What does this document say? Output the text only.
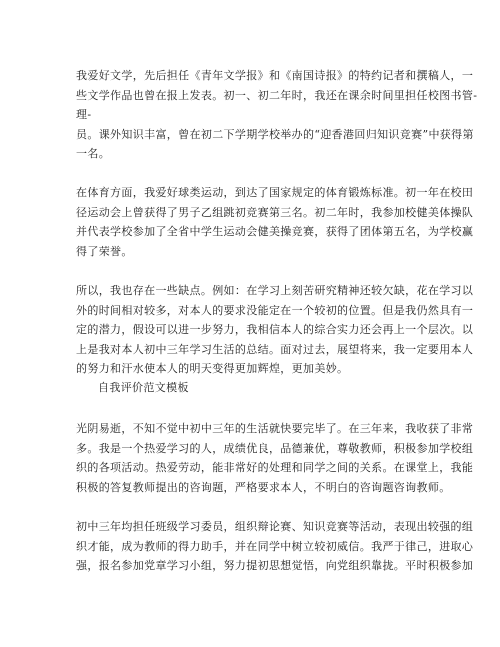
我爱好文学，先后担任《青年文学报》和《南国诗报》的特约记者和撰稿人，一
些文学作品也曾在报上发表。初一、初二年时，我还在课余时间里担任校图书管-
理-
员。课外知识丰富，曾在初二下学期学校举办的“迎香港回归知识竞赛”中获得第
一名。
在体育方面，我爱好球类运动，到达了国家规定的体育锻炼标准。初一年在校田
径运动会上曾获得了男子乙组跳初竞赛第三名。初二年时，我参加校健美体操队
并代表学校参加了全省中学生运动会健美操竞赛，获得了团体第五名，为学校赢
得了荣誉。
所以，我也存在一些缺点。例如：在学习上刻苦研究精神还较欠缺，花在学习以
外的时间相对较多，对本人的要求没能定在一个较初的位置。但是我仍然具有一
定的潜力，假设可以进一步努力，我相信本人的综合实力还会再上一个层次。以
上是我对本人初中三年学习生活的总结。面对过去，展望将来，我一定要用本人
的努力和汗水使本人的明天变得更加辉煌，更加美妙。
自我评价范文模板
光阴易逝，不知不觉中初中三年的生活就快要完毕了。在三年来，我收获了非常
多。我是一个热爱学习的人，成绩优良，品德兼优，尊敬教师，积极参加学校组
织的各项活动。热爱劳动，能非常好的处理和同学之间的关系。在课堂上，我能
积极的答复教师提出的咨询题，严格要求本人，不明白的咨询题咨询教师。
初中三年均担任班级学习委员，组织辩论赛、知识竞赛等活动，表现出较强的组
织才能，成为教师的得力助手，并在同学中树立较初威信。我严于律己，进取心
强，报名参加党章学习小组，努力提初思想觉悟，向党组织靠拢。平时积极参加
